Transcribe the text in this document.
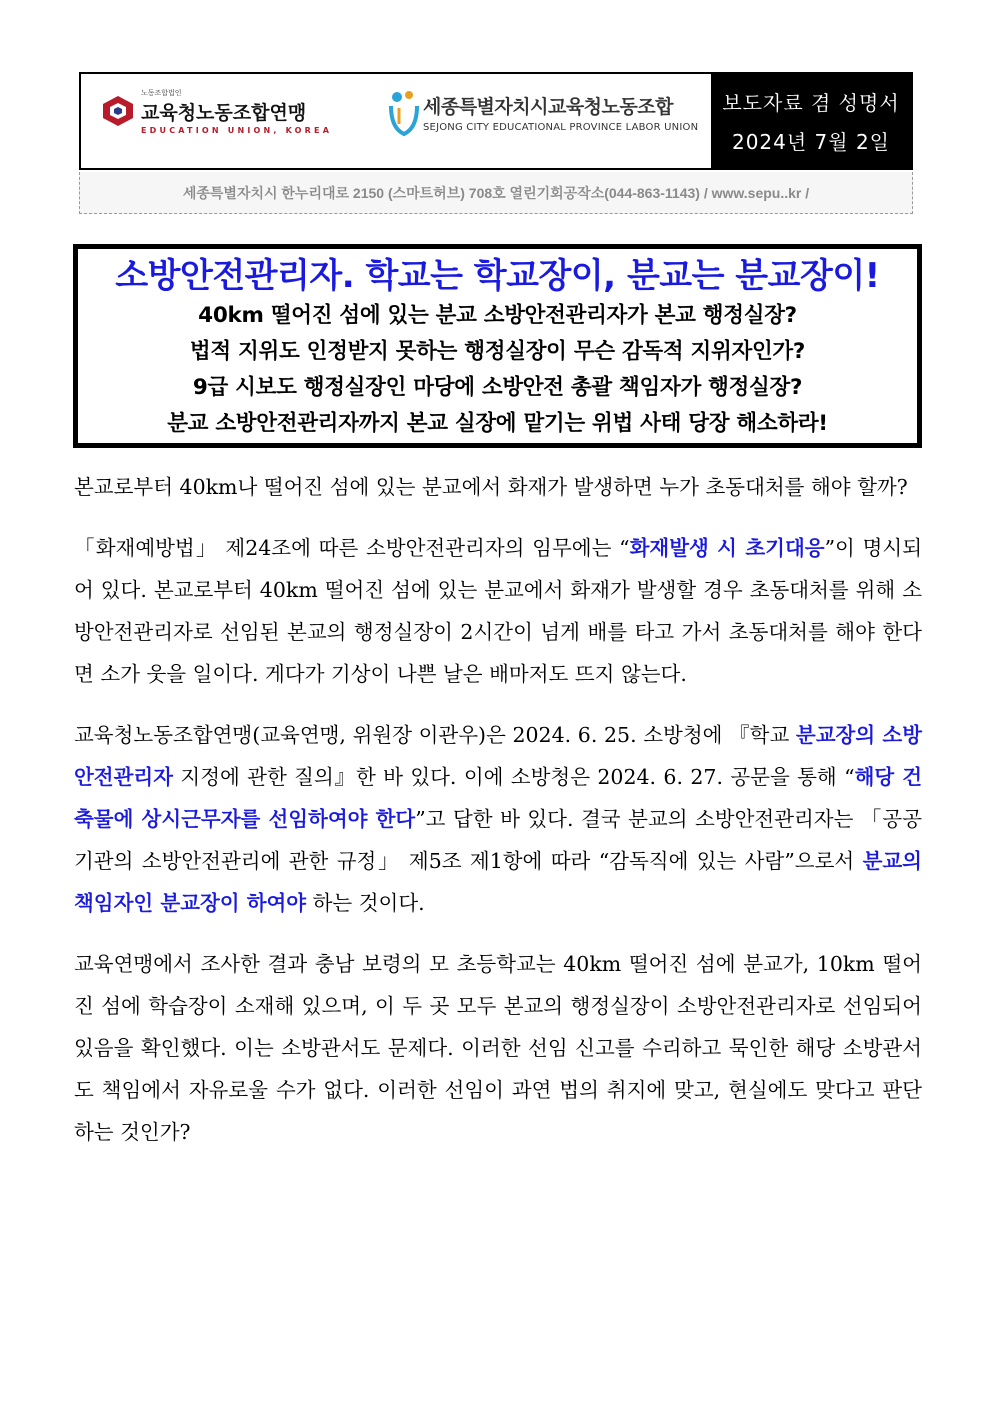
노동조합법인
교육청노동조합연맹
EDUCATION UNION, KOREA
세종특별자치시교육청노동조합
SEJONG CITY EDUCATIONAL PROVINCE LABOR UNION
보도자료 겸 성명서
2024년 7월 2일
세종특별자치시 한누리대로 2150 (스마트허브) 708호 열린기회공작소(044-863-1143) / www.sepu..kr /
소방안전관리자. 학교는 학교장이, 분교는 분교장이!
40km 떨어진 섬에 있는 분교 소방안전관리자가 본교 행정실장?
법적 지위도 인정받지 못하는 행정실장이 무슨 감독적 지위자인가?
9급 시보도 행정실장인 마당에 소방안전 총괄 책임자가 행정실장?
분교 소방안전관리자까지 본교 실장에 맡기는 위법 사태 당장 해소하라!

본교로부터 40km나 떨어진 섬에 있는 분교에서 화재가 발생하면 누가 초동대처를 해야 할까?

「화재예방법」 제24조에 따른 소방안전관리자의 임무에는 “화재발생 시 초기대응”이 명시되어 있다. 본교로부터 40km 떨어진 섬에 있는 분교에서 화재가 발생할 경우 초동대처를 위해 소방안전관리자로 선임된 본교의 행정실장이 2시간이 넘게 배를 타고 가서 초동대처를 해야 한다면 소가 웃을 일이다. 게다가 기상이 나쁜 날은 배마저도 뜨지 않는다.

교육청노동조합연맹(교육연맹, 위원장 이관우)은 2024. 6. 25. 소방청에 『학교 분교장의 소방안전관리자 지정에 관한 질의』한 바 있다. 이에 소방청은 2024. 6. 27. 공문을 통해 “해당 건축물에 상시근무자를 선임하여야 한다”고 답한 바 있다. 결국 분교의 소방안전관리자는 「공공기관의 소방안전관리에 관한 규정」 제5조 제1항에 따라 “감독직에 있는 사람”으로서 분교의 책임자인 분교장이 하여야 하는 것이다.

교육연맹에서 조사한 결과 충남 보령의 모 초등학교는 40km 떨어진 섬에 분교가, 10km 떨어진 섬에 학습장이 소재해 있으며, 이 두 곳 모두 본교의 행정실장이 소방안전관리자로 선임되어 있음을 확인했다. 이는 소방관서도 문제다. 이러한 선임 신고를 수리하고 묵인한 해당 소방관서도 책임에서 자유로울 수가 없다. 이러한 선임이 과연 법의 취지에 맞고, 현실에도 맞다고 판단하는 것인가?
